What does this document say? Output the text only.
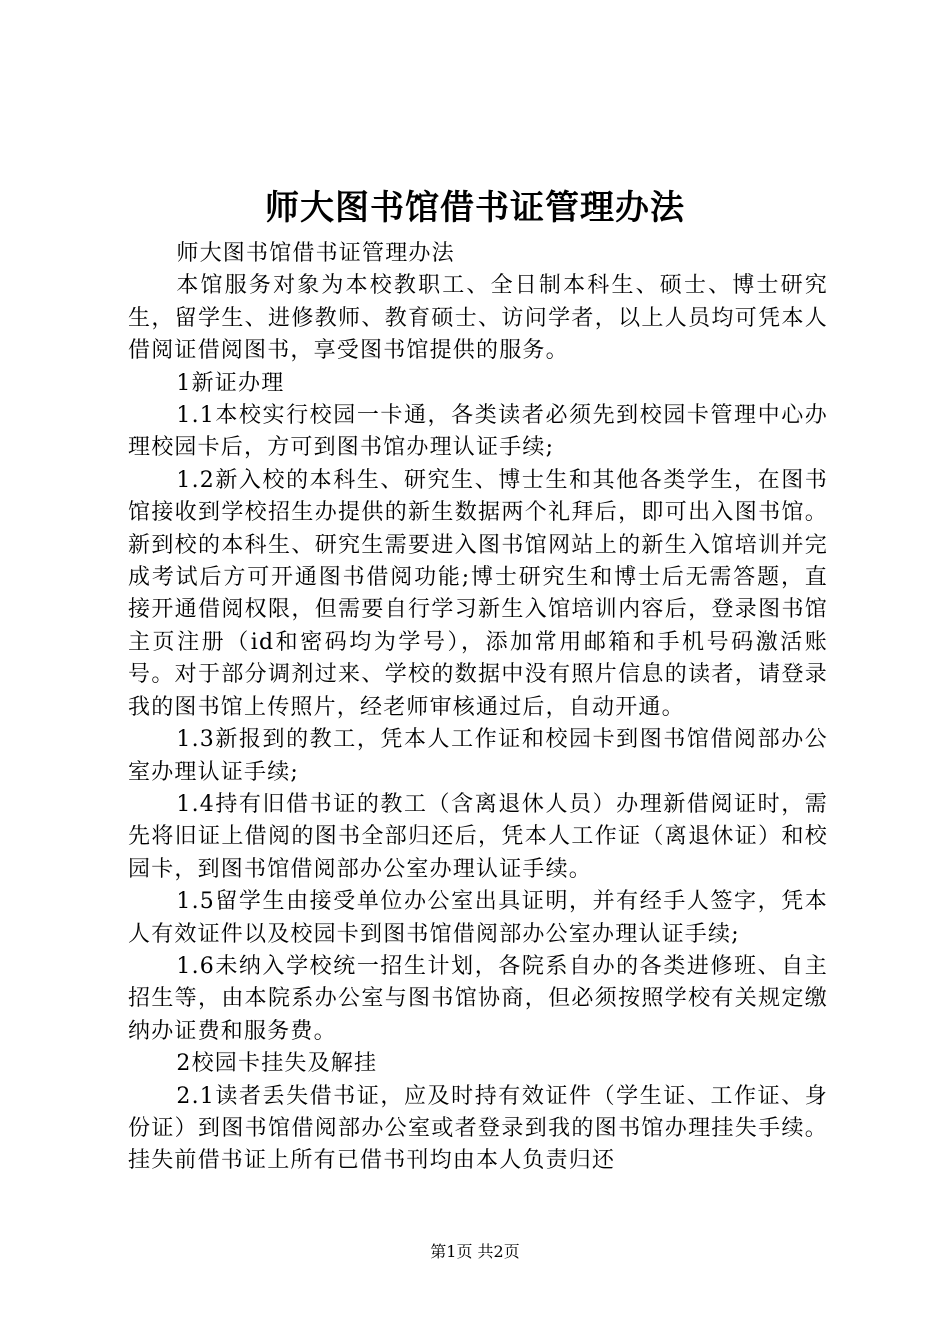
师大图书馆借书证管理办法

师大图书馆借书证管理办法

本馆服务对象为本校教职工、全日制本科生、硕士、博士研究生，留学生、进修教师、教育硕士、访问学者，以上人员均可凭本人借阅证借阅图书，享受图书馆提供的服务。

1新证办理

1.1本校实行校园一卡通，各类读者必须先到校园卡管理中心办理校园卡后，方可到图书馆办理认证手续;

1.2新入校的本科生、研究生、博士生和其他各类学生，在图书馆接收到学校招生办提供的新生数据两个礼拜后，即可出入图书馆。新到校的本科生、研究生需要进入图书馆网站上的新生入馆培训并完成考试后方可开通图书借阅功能;博士研究生和博士后无需答题，直接开通借阅权限，但需要自行学习新生入馆培训内容后，登录图书馆主页注册（id和密码均为学号），添加常用邮箱和手机号码激活账号。对于部分调剂过来、学校的数据中没有照片信息的读者，请登录我的图书馆上传照片，经老师审核通过后，自动开通。

1.3新报到的教工，凭本人工作证和校园卡到图书馆借阅部办公室办理认证手续;

1.4持有旧借书证的教工（含离退休人员）办理新借阅证时，需先将旧证上借阅的图书全部归还后，凭本人工作证（离退休证）和校园卡，到图书馆借阅部办公室办理认证手续。

1.5留学生由接受单位办公室出具证明，并有经手人签字，凭本人有效证件以及校园卡到图书馆借阅部办公室办理认证手续;

1.6未纳入学校统一招生计划，各院系自办的各类进修班、自主招生等，由本院系办公室与图书馆协商，但必须按照学校有关规定缴纳办证费和服务费。

2校园卡挂失及解挂

2.1读者丢失借书证，应及时持有效证件（学生证、工作证、身份证）到图书馆借阅部办公室或者登录到我的图书馆办理挂失手续。挂失前借书证上所有已借书刊均由本人负责归还

第1页 共2页
